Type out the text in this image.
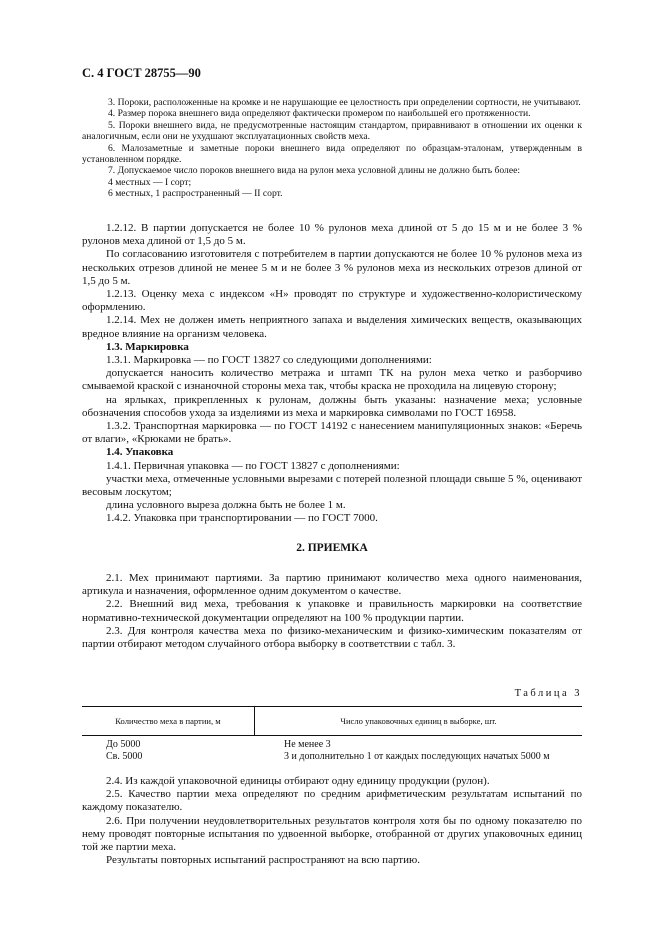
С. 4 ГОСТ 28755—90

3. Пороки, расположенные на кромке и не нарушающие ее целостность при определении сортности, не учитывают.

4. Размер порока внешнего вида определяют фактически промером по наибольшей его протяженности.

5. Пороки внешнего вида, не предусмотренные настоящим стандартом, приравнивают в отношении их оценки к аналогичным, если они не ухудшают эксплуатационных свойств меха.

6. Малозаметные и заметные пороки внешнего вида определяют по образцам-эталонам, утвержденным в установленном порядке.

7. Допускаемое число пороков внешнего вида на рулон меха условной длины не должно быть более:

4 местных — I сорт;

6 местных, 1 распространенный — II сорт.

1.2.12. В партии допускается не более 10 % рулонов меха длиной от 5 до 15 м и не более 3 % рулонов меха длиной от 1,5 до 5 м.

По согласованию изготовителя с потребителем в партии допускаются не более 10 % рулонов меха из нескольких отрезов длиной не менее 5 м и не более 3 % рулонов меха из нескольких отрезов длиной от 1,5 до 5 м.

1.2.13. Оценку меха с индексом «Н» проводят по структуре и художественно-колористическому оформлению.

1.2.14. Мех не должен иметь неприятного запаха и выделения химических веществ, оказывающих вредное влияние на организм человека.

1.3. Маркировка

1.3.1. Маркировка — по ГОСТ 13827 со следующими дополнениями:

допускается наносить количество метража и штамп ТК на рулон меха четко и разборчиво смываемой краской с изнаночной стороны меха так, чтобы краска не проходила на лицевую сторону;

на ярлыках, прикрепленных к рулонам, должны быть указаны: назначение меха; условные обозначения способов ухода за изделиями из меха и маркировка символами по ГОСТ 16958.

1.3.2. Транспортная маркировка — по ГОСТ 14192 с нанесением манипуляционных знаков: «Беречь от влаги», «Крюками не брать».

1.4. Упаковка

1.4.1. Первичная упаковка — по ГОСТ 13827 с дополнениями:

участки меха, отмеченные условными вырезами с потерей полезной площади свыше 5 %, оценивают весовым лоскутом;

длина условного выреза должна быть не более 1 м.

1.4.2. Упаковка при транспортировании — по ГОСТ 7000.

2. ПРИЕМКА

2.1. Мех принимают партиями. За партию принимают количество меха одного наименования, артикула и назначения, оформленное одним документом о качестве.

2.2. Внешний вид меха, требования к упаковке и правильность маркировки на соответствие нормативно-технической документации определяют на 100 % продукции партии.

2.3. Для контроля качества меха по физико-механическим и физико-химическим показателям от партии отбирают методом случайного отбора выборку в соответствии с табл. 3.

Таблица 3
Количество меха в партии, м	Число упаковочных единиц в выборке, шт.
До 5000	Не менее 3
Св. 5000	3 и дополнительно 1 от каждых последующих начатых 5000 м

2.4. Из каждой упаковочной единицы отбирают одну единицу продукции (рулон).

2.5. Качество партии меха определяют по средним арифметическим результатам испытаний по каждому показателю.

2.6. При получении неудовлетворительных результатов контроля хотя бы по одному показателю по нему проводят повторные испытания по удвоенной выборке, отобранной от других упаковочных единиц той же партии меха.

Результаты повторных испытаний распространяют на всю партию.
